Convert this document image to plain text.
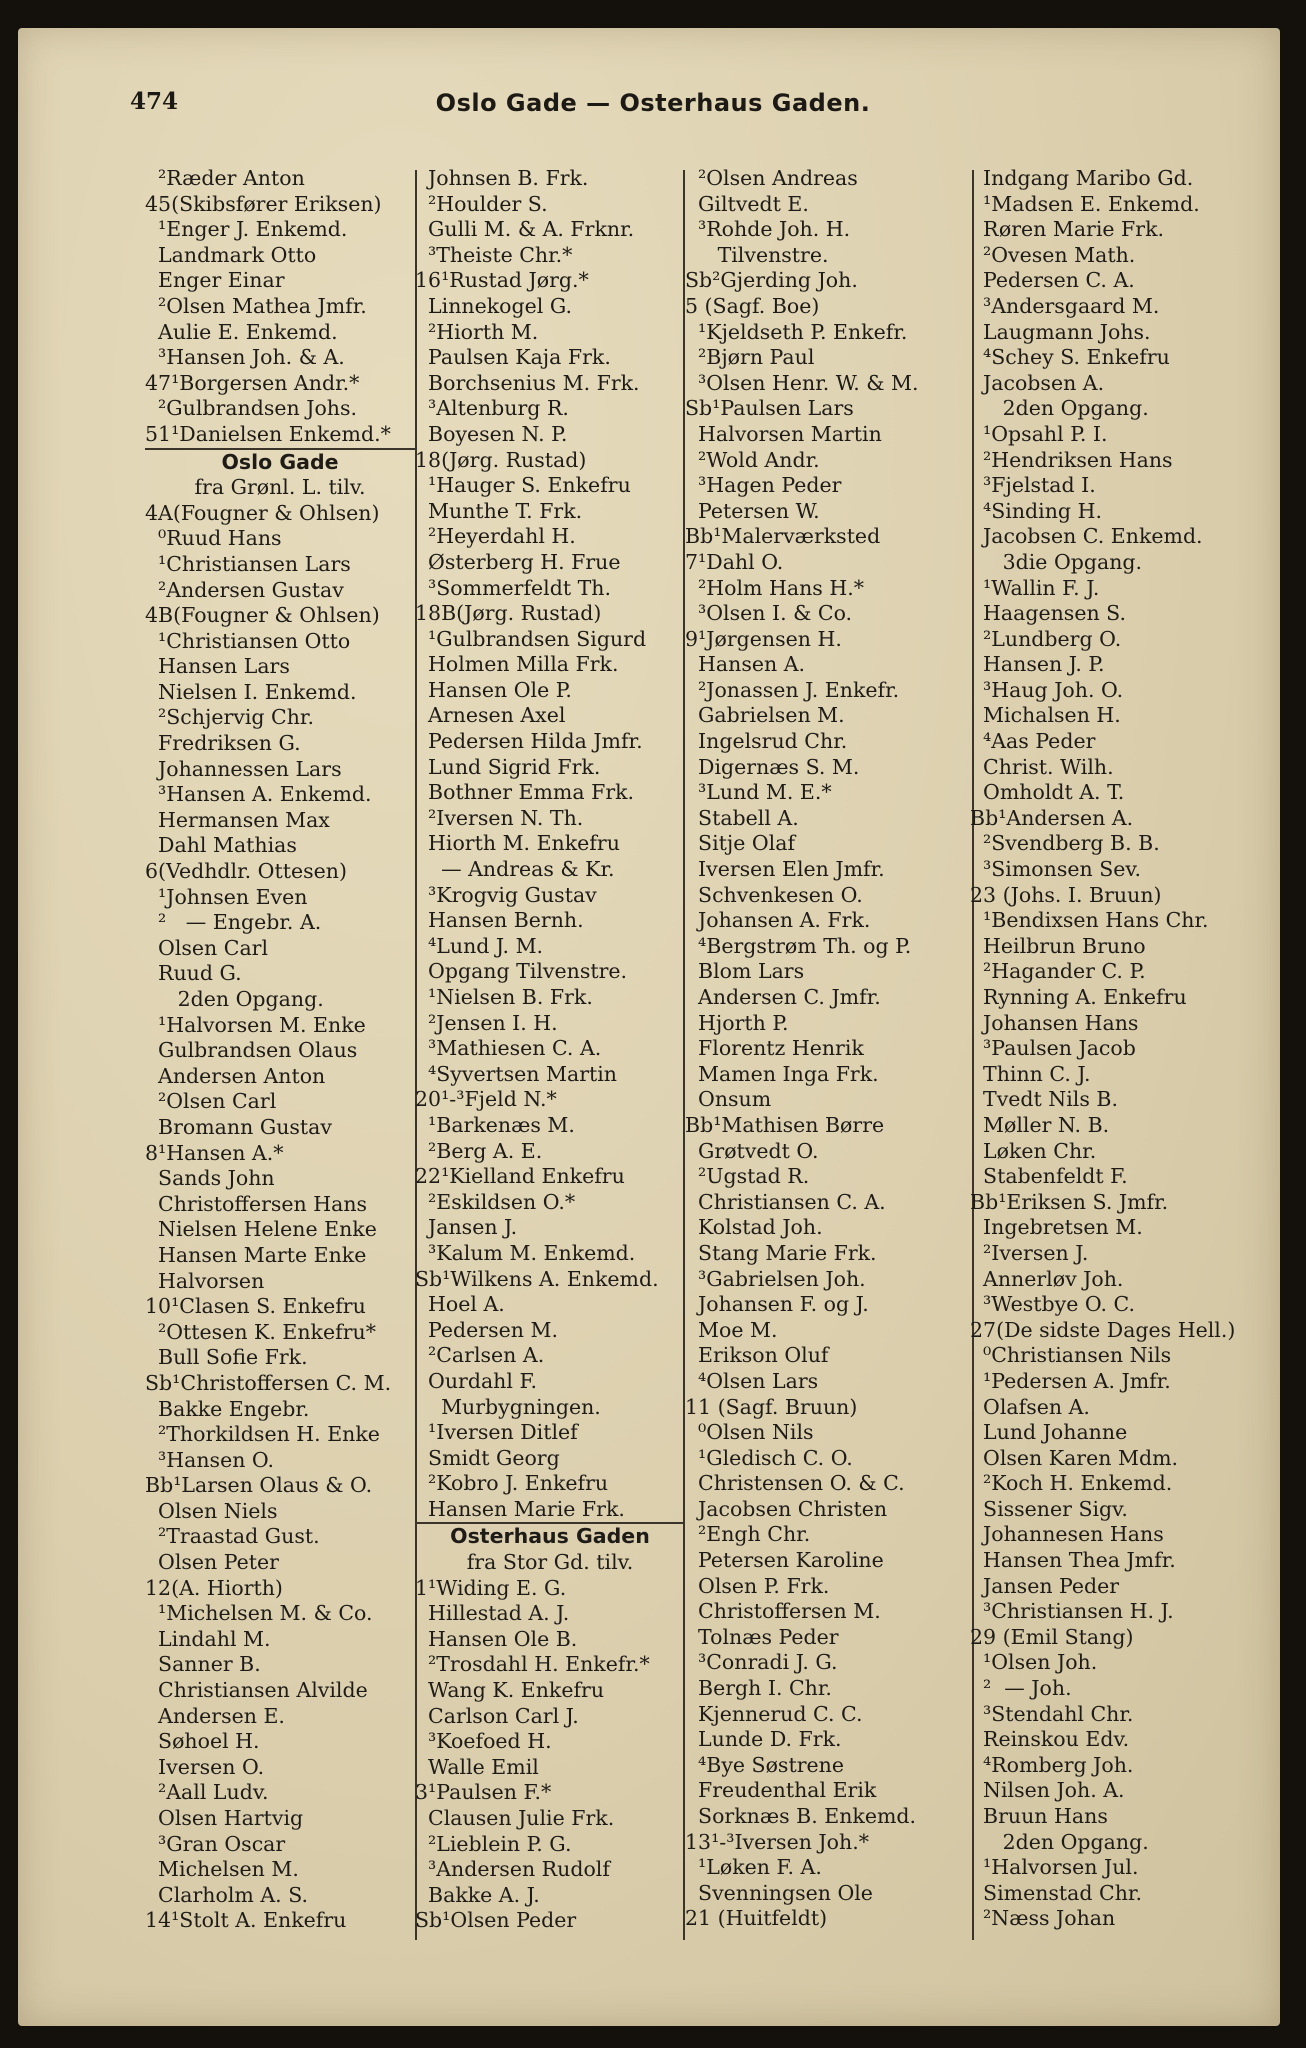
474	Oslo Gade — Osterhaus Gaden.
²Ræder Anton
45(Skibsfører Eriksen)
¹Enger J. Enkemd.
Landmark Otto
Enger Einar
²Olsen Mathea Jmfr.
Aulie E. Enkemd.
³Hansen Joh. & A.
47¹Borgersen Andr.*
²Gulbrandsen Johs.
51¹Danielsen Enkemd.*
Oslo Gade
fra Grønl. L. tilv.
4A(Fougner & Ohlsen)
⁰Ruud Hans
¹Christiansen Lars
²Andersen Gustav
4B(Fougner & Ohlsen)
¹Christiansen Otto
Hansen Lars
Nielsen I. Enkemd.
²Schjervig Chr.
Fredriksen G.
Johannessen Lars
³Hansen A. Enkemd.
Hermansen Max
Dahl Mathias
6(Vedhdlr. Ottesen)
¹Johnsen Even
²   — Engebr. A.
Olsen Carl
Ruud G.
2den Opgang.
¹Halvorsen M. Enke
Gulbrandsen Olaus
Andersen Anton
²Olsen Carl
Bromann Gustav
8¹Hansen A.*
Sands John
Christoffersen Hans
Nielsen Helene Enke
Hansen Marte Enke
Halvorsen
10¹Clasen S. Enkefru
²Ottesen K. Enkefru*
Bull Sofie Frk.
Sb¹Christoffersen C. M.
Bakke Engebr.
²Thorkildsen H. Enke
³Hansen O.
Bb¹Larsen Olaus & O.
Olsen Niels
²Traastad Gust.
Olsen Peter
12(A. Hiorth)
¹Michelsen M. & Co.
Lindahl M.
Sanner B.
Christiansen Alvilde
Andersen E.
Søhoel H.
Iversen O.
²Aall Ludv.
Olsen Hartvig
³Gran Oscar
Michelsen M.
Clarholm A. S.
14¹Stolt A. Enkefru
Johnsen B. Frk.
²Houlder S.
Gulli M. & A. Frknr.
³Theiste Chr.*
16¹Rustad Jørg.*
Linnekogel G.
²Hiorth M.
Paulsen Kaja Frk.
Borchsenius M. Frk.
³Altenburg R.
Boyesen N. P.
18(Jørg. Rustad)
¹Hauger S. Enkefru
Munthe T. Frk.
²Heyerdahl H.
Østerberg H. Frue
³Sommerfeldt Th.
18B(Jørg. Rustad)
¹Gulbrandsen Sigurd
Holmen Milla Frk.
Hansen Ole P.
Arnesen Axel
Pedersen Hilda Jmfr.
Lund Sigrid Frk.
Bothner Emma Frk.
²Iversen N. Th.
Hiorth M. Enkefru
— Andreas & Kr.
³Krogvig Gustav
Hansen Bernh.
⁴Lund J. M.
Opgang Tilvenstre.
¹Nielsen B. Frk.
²Jensen I. H.
³Mathiesen C. A.
⁴Syvertsen Martin
20¹-³Fjeld N.*
¹Barkenæs M.
²Berg A. E.
22¹Kielland Enkefru
²Eskildsen O.*
Jansen J.
³Kalum M. Enkemd.
Sb¹Wilkens A. Enkemd.
Hoel A.
Pedersen M.
²Carlsen A.
Ourdahl F.
Murbygningen.
¹Iversen Ditlef
Smidt Georg
²Kobro J. Enkefru
Hansen Marie Frk.
Osterhaus Gaden
fra Stor Gd. tilv.
1¹Widing E. G.
Hillestad A. J.
Hansen Ole B.
²Trosdahl H. Enkefr.*
Wang K. Enkefru
Carlson Carl J.
³Koefoed H.
Walle Emil
3¹Paulsen F.*
Clausen Julie Frk.
²Lieblein P. G.
³Andersen Rudolf
Bakke A. J.
Sb¹Olsen Peder
²Olsen Andreas
Giltvedt E.
³Rohde Joh. H.
Tilvenstre.
Sb²Gjerding Joh.
5 (Sagf. Boe)
¹Kjeldseth P. Enkefr.
²Bjørn Paul
³Olsen Henr. W. & M.
Sb¹Paulsen Lars
Halvorsen Martin
²Wold Andr.
³Hagen Peder
Petersen W.
Bb¹Malerværksted
7¹Dahl O.
²Holm Hans H.*
³Olsen I. & Co.
9¹Jørgensen H.
Hansen A.
²Jonassen J. Enkefr.
Gabrielsen M.
Ingelsrud Chr.
Digernæs S. M.
³Lund M. E.*
Stabell A.
Sitje Olaf
Iversen Elen Jmfr.
Schvenkesen O.
Johansen A. Frk.
⁴Bergstrøm Th. og P.
Blom Lars
Andersen C. Jmfr.
Hjorth P.
Florentz Henrik
Mamen Inga Frk.
Onsum
Bb¹Mathisen Børre
Grøtvedt O.
²Ugstad R.
Christiansen C. A.
Kolstad Joh.
Stang Marie Frk.
³Gabrielsen Joh.
Johansen F. og J.
Moe M.
Erikson Oluf
⁴Olsen Lars
11 (Sagf. Bruun)
⁰Olsen Nils
¹Gledisch C. O.
Christensen O. & C.
Jacobsen Christen
²Engh Chr.
Petersen Karoline
Olsen P. Frk.
Christoffersen M.
Tolnæs Peder
³Conradi J. G.
Bergh I. Chr.
Kjennerud C. C.
Lunde D. Frk.
⁴Bye Søstrene
Freudenthal Erik
Sorknæs B. Enkemd.
13¹-³Iversen Joh.*
¹Løken F. A.
Svenningsen Ole
21 (Huitfeldt)
Indgang Maribo Gd.
¹Madsen E. Enkemd.
Røren Marie Frk.
²Ovesen Math.
Pedersen C. A.
³Andersgaard M.
Laugmann Johs.
⁴Schey S. Enkefru
Jacobsen A.
2den Opgang.
¹Opsahl P. I.
²Hendriksen Hans
³Fjelstad I.
⁴Sinding H.
Jacobsen C. Enkemd.
3die Opgang.
¹Wallin F. J.
Haagensen S.
²Lundberg O.
Hansen J. P.
³Haug Joh. O.
Michalsen H.
⁴Aas Peder
Christ. Wilh.
Omholdt A. T.
Bb¹Andersen A.
²Svendberg B. B.
³Simonsen Sev.
23 (Johs. I. Bruun)
¹Bendixsen Hans Chr.
Heilbrun Bruno
²Hagander C. P.
Rynning A. Enkefru
Johansen Hans
³Paulsen Jacob
Thinn C. J.
Tvedt Nils B.
Møller N. B.
Løken Chr.
Stabenfeldt F.
Bb¹Eriksen S. Jmfr.
Ingebretsen M.
²Iversen J.
Annerløv Joh.
³Westbye O. C.
27(De sidste Dages Hell.)
⁰Christiansen Nils
¹Pedersen A. Jmfr.
Olafsen A.
Lund Johanne
Olsen Karen Mdm.
²Koch H. Enkemd.
Sissener Sigv.
Johannesen Hans
Hansen Thea Jmfr.
Jansen Peder
³Christiansen H. J.
29 (Emil Stang)
¹Olsen Joh.
²  — Joh.
³Stendahl Chr.
Reinskou Edv.
⁴Romberg Joh.
Nilsen Joh. A.
Bruun Hans
2den Opgang.
¹Halvorsen Jul.
Simenstad Chr.
²Næss Johan
